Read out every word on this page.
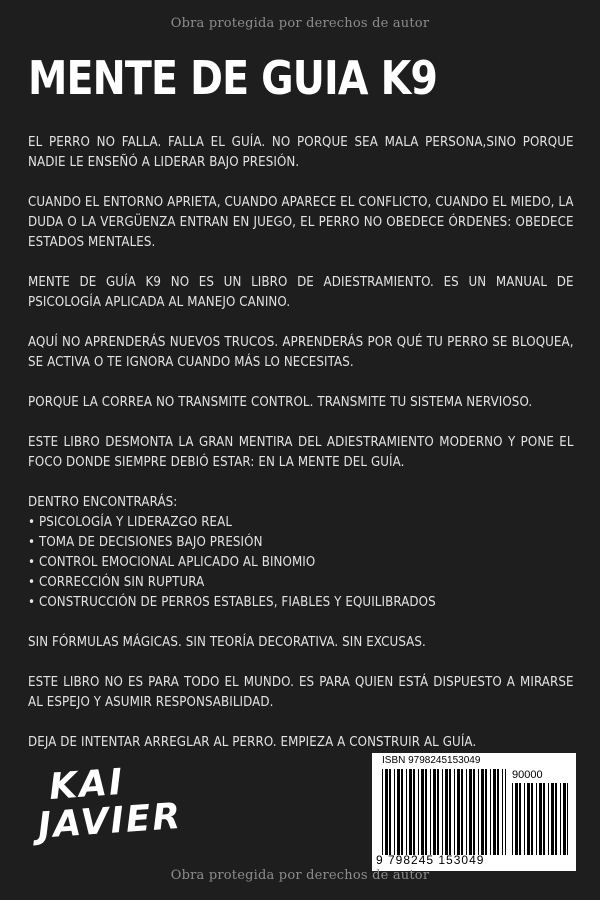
Obra protegida por derechos de autor
MENTE DE GUIA K9

EL PERRO NO FALLA. FALLA EL GUÍA. NO PORQUE SEA MALA PERSONA,SINO PORQUE NADIE LE ENSEÑÓ A LIDERAR BAJO PRESIÓN.

CUANDO EL ENTORNO APRIETA, CUANDO APARECE EL CONFLICTO, CUANDO EL MIEDO, LA DUDA O LA VERGÜENZA ENTRAN EN JUEGO, EL PERRO NO OBEDECE ÓRDENES: OBEDECE ESTADOS MENTALES.

MENTE DE GUÍA K9 NO ES UN LIBRO DE ADIESTRAMIENTO. ES UN MANUAL DE PSICOLOGÍA APLICADA AL MANEJO CANINO.

AQUÍ NO APRENDERÁS NUEVOS TRUCOS. APRENDERÁS POR QUÉ TU PERRO SE BLOQUEA, SE ACTIVA O TE IGNORA CUANDO MÁS LO NECESITAS.

PORQUE LA CORREA NO TRANSMITE CONTROL. TRANSMITE TU SISTEMA NERVIOSO.

ESTE LIBRO DESMONTA LA GRAN MENTIRA DEL ADIESTRAMIENTO MODERNO Y PONE EL FOCO DONDE SIEMPRE DEBIÓ ESTAR: EN LA MENTE DEL GUÍA.

DENTRO ENCONTRARÁS:

• PSICOLOGÍA Y LIDERAZGO REAL
• TOMA DE DECISIONES BAJO PRESIÓN
• CONTROL EMOCIONAL APLICADO AL BINOMIO
• CORRECCIÓN SIN RUPTURA
• CONSTRUCCIÓN DE PERROS ESTABLES, FIABLES Y EQUILIBRADOS

SIN FÓRMULAS MÁGICAS. SIN TEORÍA DECORATIVA. SIN EXCUSAS.

ESTE LIBRO NO ES PARA TODO EL MUNDO. ES PARA QUIEN ESTÁ DISPUESTO A MIRARSE AL ESPEJO Y ASUMIR RESPONSABILIDAD.

DEJA DE INTENTAR ARREGLAR AL PERRO. EMPIEZA A CONSTRUIR AL GUÍA.

KAI
JAVIER
ISBN 9798245153049
90000
9 798245 153049
Obra protegida por derechos de autor
